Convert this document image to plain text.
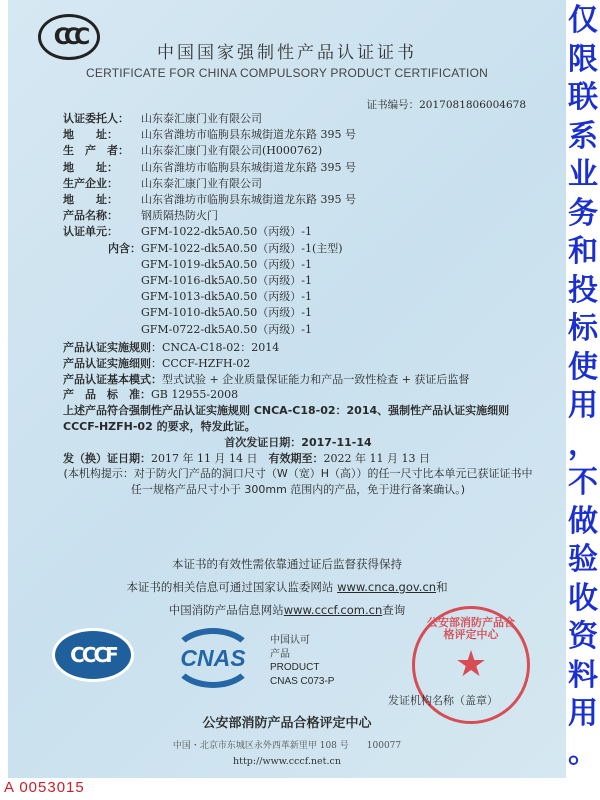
CCC
中国国家强制性产品认证证书
CERTIFICATE FOR CHINA COMPULSORY PRODUCT CERTIFICATION
证书编号：2017081806004678
认证委托人：	山东泰汇康门业有限公司
地　　址：	山东省潍坊市临朐县东城街道龙东路 395 号
生　产　者：	山东泰汇康门业有限公司(H000762)
地　　址：	山东省潍坊市临朐县东城街道龙东路 395 号
生产企业：	山东泰汇康门业有限公司
地　　址：	山东省潍坊市临朐县东城街道龙东路 395 号
产品名称：	钢质隔热防火门
认证单元：	GFM-1022-dk5A0.50（丙级）-1
内含： GFM-1022-dk5A0.50（丙级）-1(主型)
GFM-1019-dk5A0.50（丙级）-1
GFM-1016-dk5A0.50（丙级）-1
GFM-1013-dk5A0.50（丙级）-1
GFM-1010-dk5A0.50（丙级）-1
GFM-0722-dk5A0.50（丙级）-1
产品认证实施规则：CNCA-C18-02：2014
产品认证实施细则：CCCF-HZFH-02
产品认证基本模式：型式试验 + 企业质量保证能力和产品一致性检查 + 获证后监督
产　品　标　准：GB 12955-2008
上述产品符合强制性产品认证实施规则 CNCA-C18-02：2014、强制性产品认证实施细则 CCCF-HZFH-02 的要求，特发此证。
首次发证日期：2017-11-14
发（换）证日期：2017 年 11 月 14 日　 有效期至：2022 年 11 月 13 日
(本机构提示：对于防火门产品的洞口尺寸（W（宽）H（高））的任一尺寸比本单元已获证证书中任一规格产品尺寸小于 300mm 范围内的产品，免于进行备案确认。)
本证书的有效性需依靠通过证后监督获得保持
本证书的相关信息可通过国家认监委网站 www.cnca.gov.cn和
中国消防产品信息网站www.cccf.com.cn查询
CCCF	CNAS
中国认可
产品
PRODUCT
CNAS C073-P
公安部消防产品合格评定中心
★
发证机构名称（盖章）
公安部消防产品合格评定中心
中国・北京市东城区永外西革新里甲 108 号　　100077
http://www.cccf.net.cn
A 0053015
仅
限
联
系
业
务
和
投
标
使
用
，
不
做
验
收
资
料
用
。
